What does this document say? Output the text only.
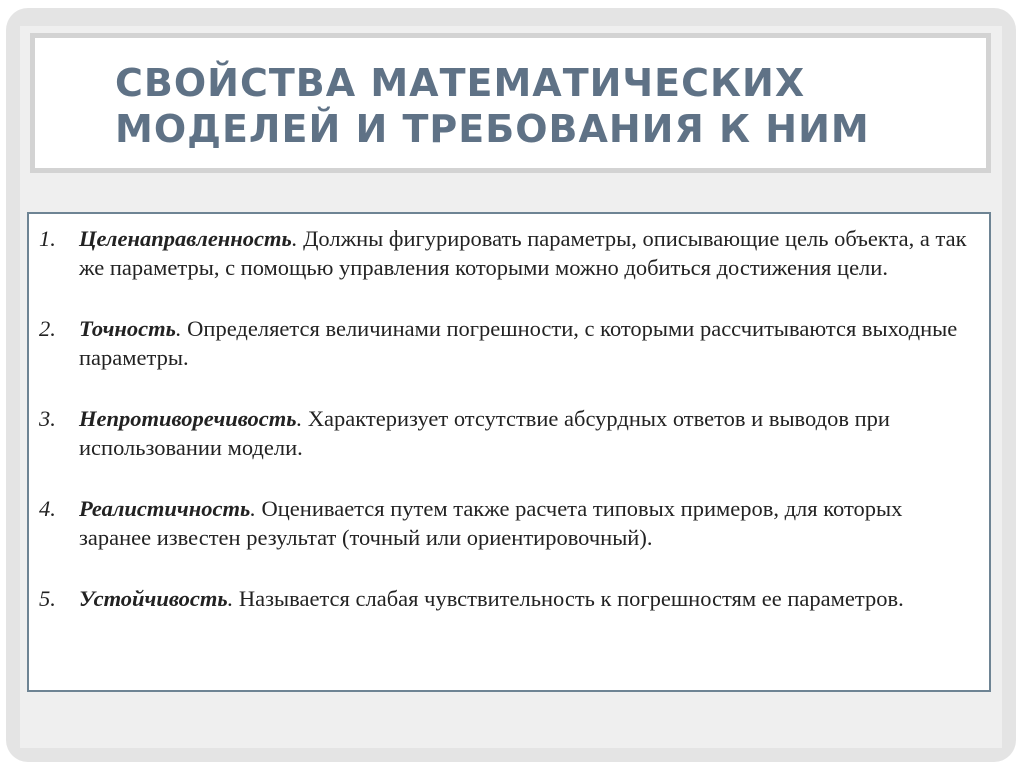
СВОЙСТВА МАТЕМАТИЧЕСКИХ МОДЕЛЕЙ И ТРЕБОВАНИЯ К НИМ
1. Целенаправленность. Должны фигурировать параметры, описывающие цель объекта, а так же параметры, с помощью управления которыми можно добиться достижения цели.
2. Точность. Определяется величинами погрешности, с которыми рассчитываются выходные параметры.
3. Непротиворечивость. Характеризует отсутствие абсурдных ответов и выводов при использовании модели.
4. Реалистичность. Оценивается путем также расчета типовых примеров, для которых заранее известен результат (точный или ориентировочный).
5. Устойчивость. Называется слабая чувствительность к погрешностям ее параметров.
